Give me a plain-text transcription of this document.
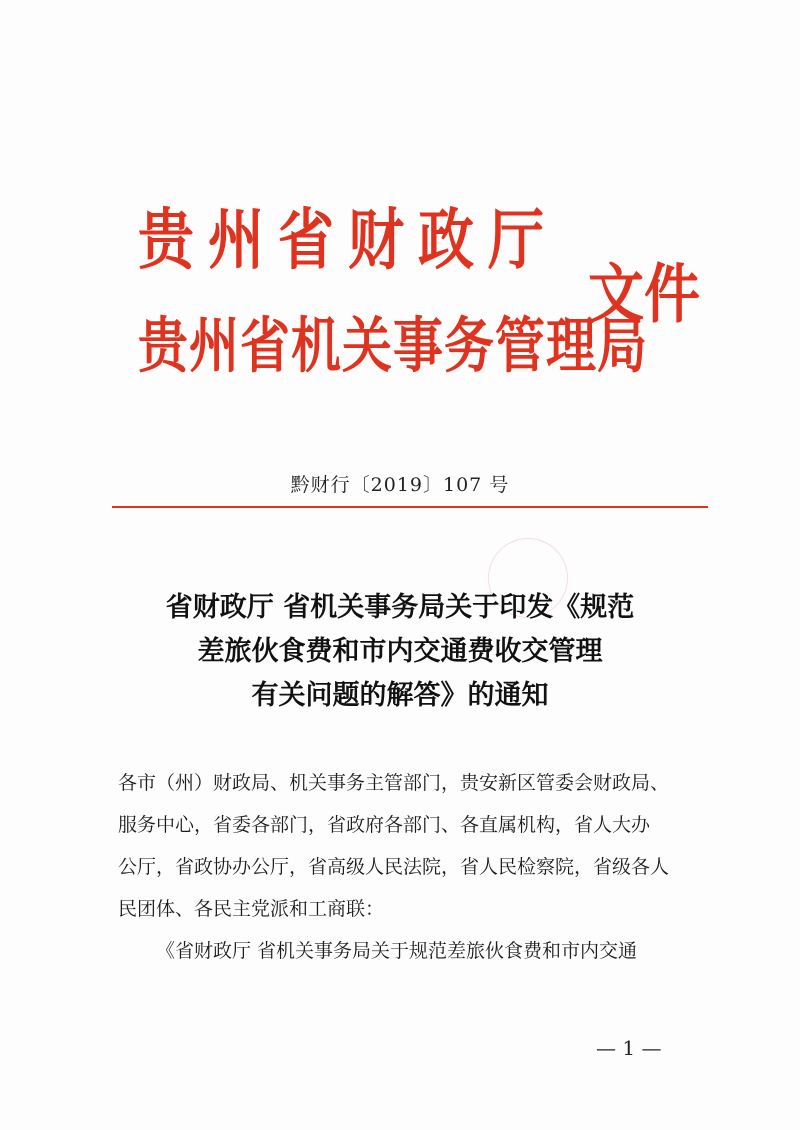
贵州省财政厅
贵州省机关事务管理局
文件
黔财行〔2019〕107 号
省财政厅 省机关事务局关于印发《规范
差旅伙食费和市内交通费收交管理
有关问题的解答》的通知
各市（州）财政局、机关事务主管部门，贵安新区管委会财政局、
服务中心，省委各部门，省政府各部门、各直属机构，省人大办
公厅，省政协办公厅，省高级人民法院，省人民检察院，省级各人
民团体、各民主党派和工商联：
《省财政厅 省机关事务局关于规范差旅伙食费和市内交通
— 1 —
